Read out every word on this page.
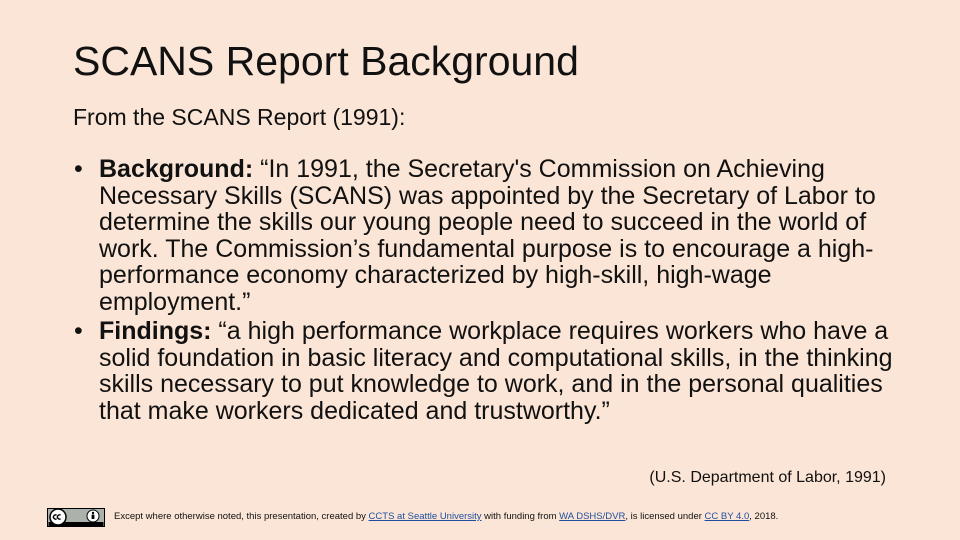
SCANS Report Background
From the SCANS Report (1991):
• Background: “In 1991, the Secretary's Commission on Achieving Necessary Skills (SCANS) was appointed by the Secretary of Labor to determine the skills our young people need to succeed in the world of work. The Commission’s fundamental purpose is to encourage a high-performance economy characterized by high-skill, high-wage employment.”
• Findings: “a high performance workplace requires workers who have a solid foundation in basic literacy and computational skills, in the thinking skills necessary to put knowledge to work, and in the personal qualities that make workers dedicated and trustworthy.”
(U.S. Department of Labor, 1991)
Except where otherwise noted, this presentation, created by CCTS at Seattle University with funding from WA DSHS/DVR, is licensed under CC BY 4.0, 2018.
